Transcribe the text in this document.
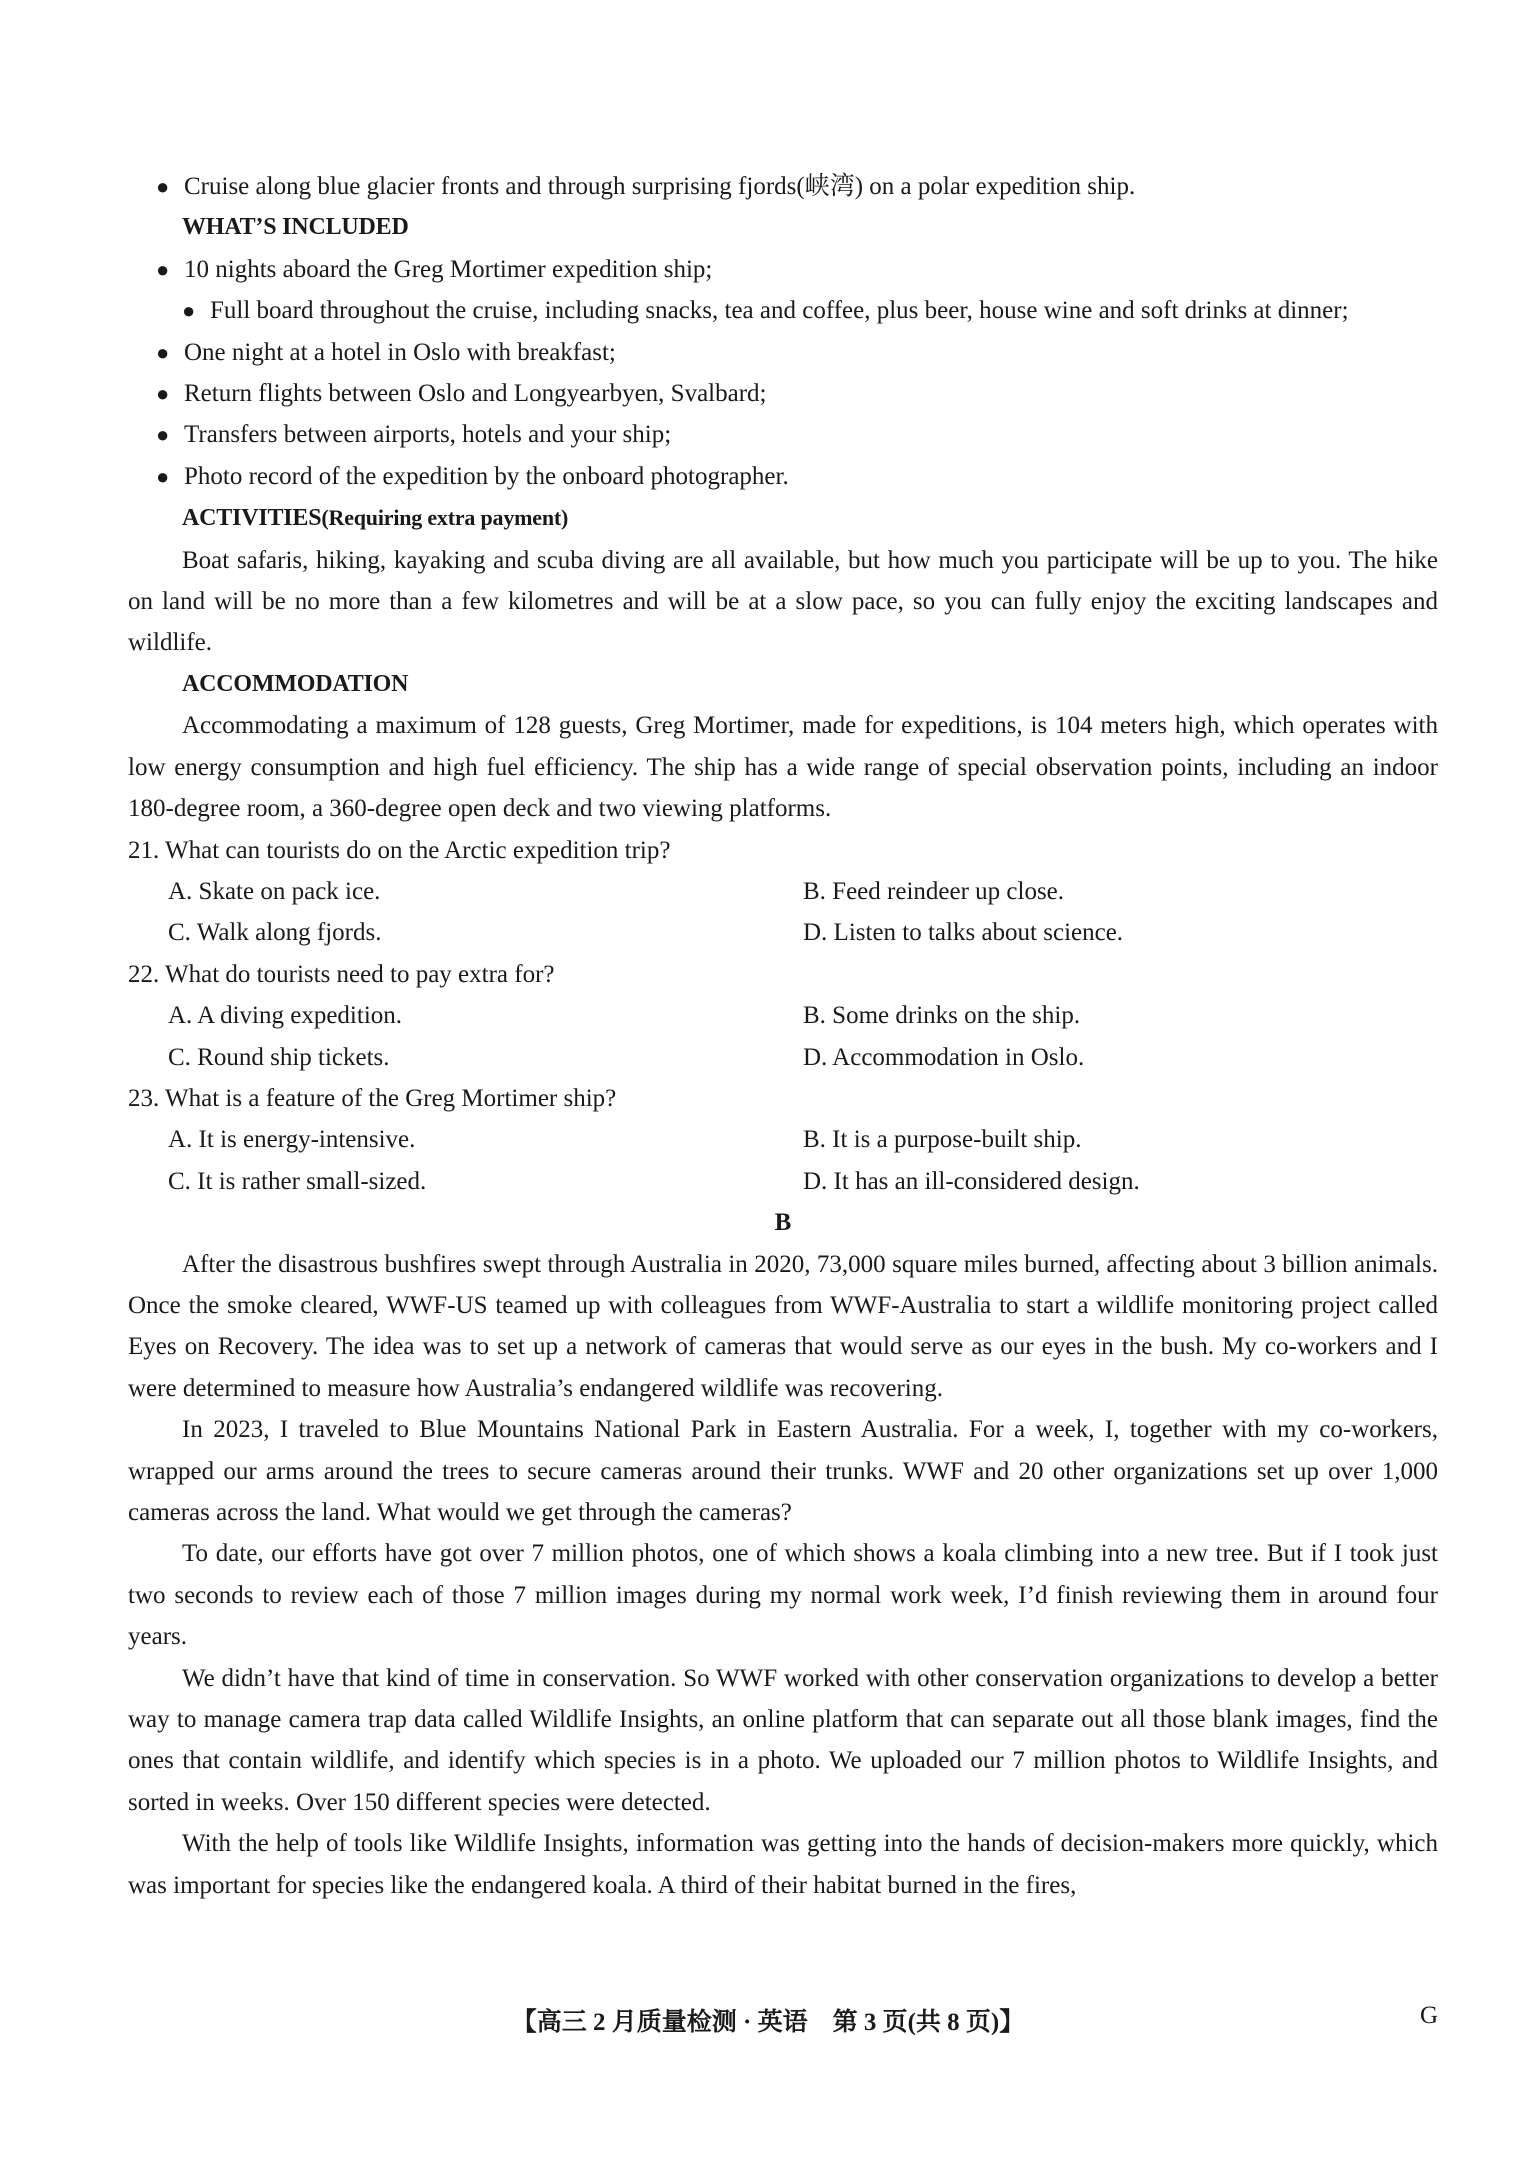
● Cruise along blue glacier fronts and through surprising fjords(峡湾) on a polar expedition ship.
WHAT’S INCLUDED
● 10 nights aboard the Greg Mortimer expedition ship;
● Full board throughout the cruise, including snacks, tea and coffee, plus beer, house wine and soft drinks at dinner;
● One night at a hotel in Oslo with breakfast;
● Return flights between Oslo and Longyearbyen, Svalbard;
● Transfers between airports, hotels and your ship;
● Photo record of the expedition by the onboard photographer.
ACTIVITIES(Requiring extra payment)
Boat safaris, hiking, kayaking and scuba diving are all available, but how much you participate will be up to you. The hike on land will be no more than a few kilometres and will be at a slow pace, so you can fully enjoy the exciting landscapes and wildlife.
ACCOMMODATION
Accommodating a maximum of 128 guests, Greg Mortimer, made for expeditions, is 104 meters high, which operates with low energy consumption and high fuel efficiency. The ship has a wide range of special observation points, including an indoor 180-degree room, a 360-degree open deck and two viewing platforms.
21. What can tourists do on the Arctic expedition trip?
A. Skate on pack ice.	B. Feed reindeer up close.
C. Walk along fjords.	D. Listen to talks about science.
22. What do tourists need to pay extra for?
A. A diving expedition.	B. Some drinks on the ship.
C. Round ship tickets.	D. Accommodation in Oslo.
23. What is a feature of the Greg Mortimer ship?
A. It is energy-intensive.	B. It is a purpose-built ship.
C. It is rather small-sized.	D. It has an ill-considered design.
B
After the disastrous bushfires swept through Australia in 2020, 73,000 square miles burned, affecting about 3 billion animals. Once the smoke cleared, WWF-US teamed up with colleagues from WWF-Australia to start a wildlife monitoring project called Eyes on Recovery. The idea was to set up a network of cameras that would serve as our eyes in the bush. My co-workers and I were determined to measure how Australia’s endangered wildlife was recovering.
In 2023, I traveled to Blue Mountains National Park in Eastern Australia. For a week, I, together with my co-workers, wrapped our arms around the trees to secure cameras around their trunks. WWF and 20 other organizations set up over 1,000 cameras across the land. What would we get through the cameras?
To date, our efforts have got over 7 million photos, one of which shows a koala climbing into a new tree. But if I took just two seconds to review each of those 7 million images during my normal work week, I’d finish reviewing them in around four years.
We didn’t have that kind of time in conservation. So WWF worked with other conservation organizations to develop a better way to manage camera trap data called Wildlife Insights, an online platform that can separate out all those blank images, find the ones that contain wildlife, and identify which species is in a photo. We uploaded our 7 million photos to Wildlife Insights, and sorted in weeks. Over 150 different species were detected.
With the help of tools like Wildlife Insights, information was getting into the hands of decision-makers more quickly, which was important for species like the endangered koala. A third of their habitat burned in the fires,
【高三 2 月质量检测 · 英语　第 3 页(共 8 页)】	G
